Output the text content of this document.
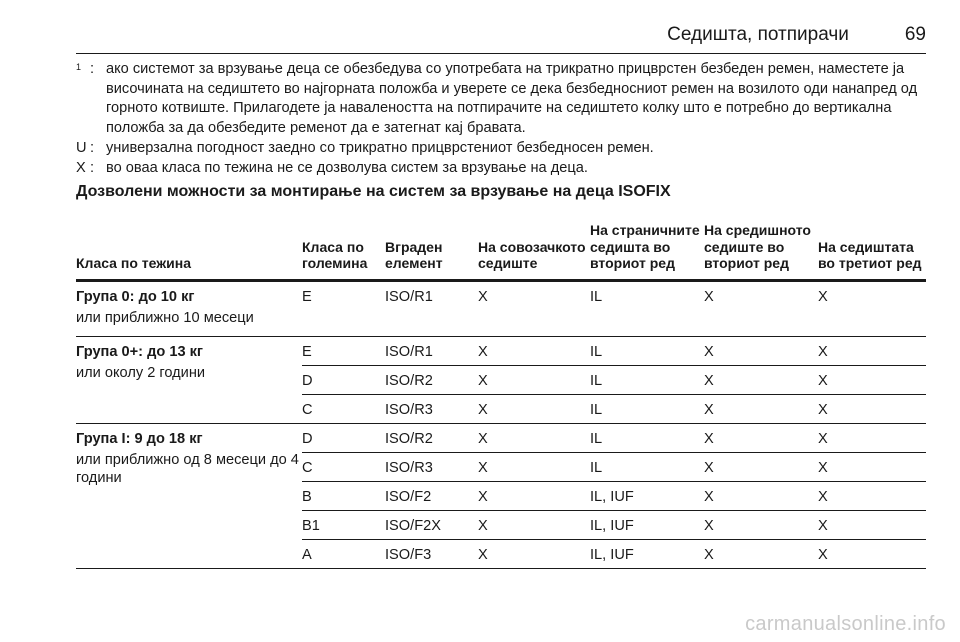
Седишта, потпирачи	69
$^1$ : ако системот за врзување деца се обезбедува со употребата на трикратно прицврстен безбеден ремен, наместете ја височината на седиштето во најгорната положба и уверете се дека безбедносниот ремен на возилото оди нанапред од горното котвиште. Прилагодете ја навалеността на потпирачите на седиштето колку што е потребно до вертикална положба за да обезбедите ременот да е затегнат кај бравата.
U : универзална погодност заедно со трикратно прицврстениот безбедносен ремен.
X : во оваа класа по тежина не се дозволува систем за врзување на деца.
Дозволени можности за монтирање на систем за врзување на деца ISOFIX
Класа по тежина	Класа по големина	Вграден елемент	На совозачкото седиште	На страничните седишта во вториот ред	На средишното седиште во вториот ред	На седиштата во третиот ред

Група 0: до 10 кг
или приближно 10 месеци	E	ISO/R1	X	IL	X	X

Група 0+: до 13 кг
или околу 2 години	E	ISO/R1	X	IL	X	X
	D	ISO/R2	X	IL	X	X
	C	ISO/R3	X	IL	X	X

Група I: 9 до 18 кг
или приближно од 8 месеци до 4 години	D	ISO/R2	X	IL	X	X
	C	ISO/R3	X	IL	X	X
	B	ISO/F2	X	IL, IUF	X	X
	B1	ISO/F2X	X	IL, IUF	X	X
	A	ISO/F3	X	IL, IUF	X	X
carmanualsonline.info
